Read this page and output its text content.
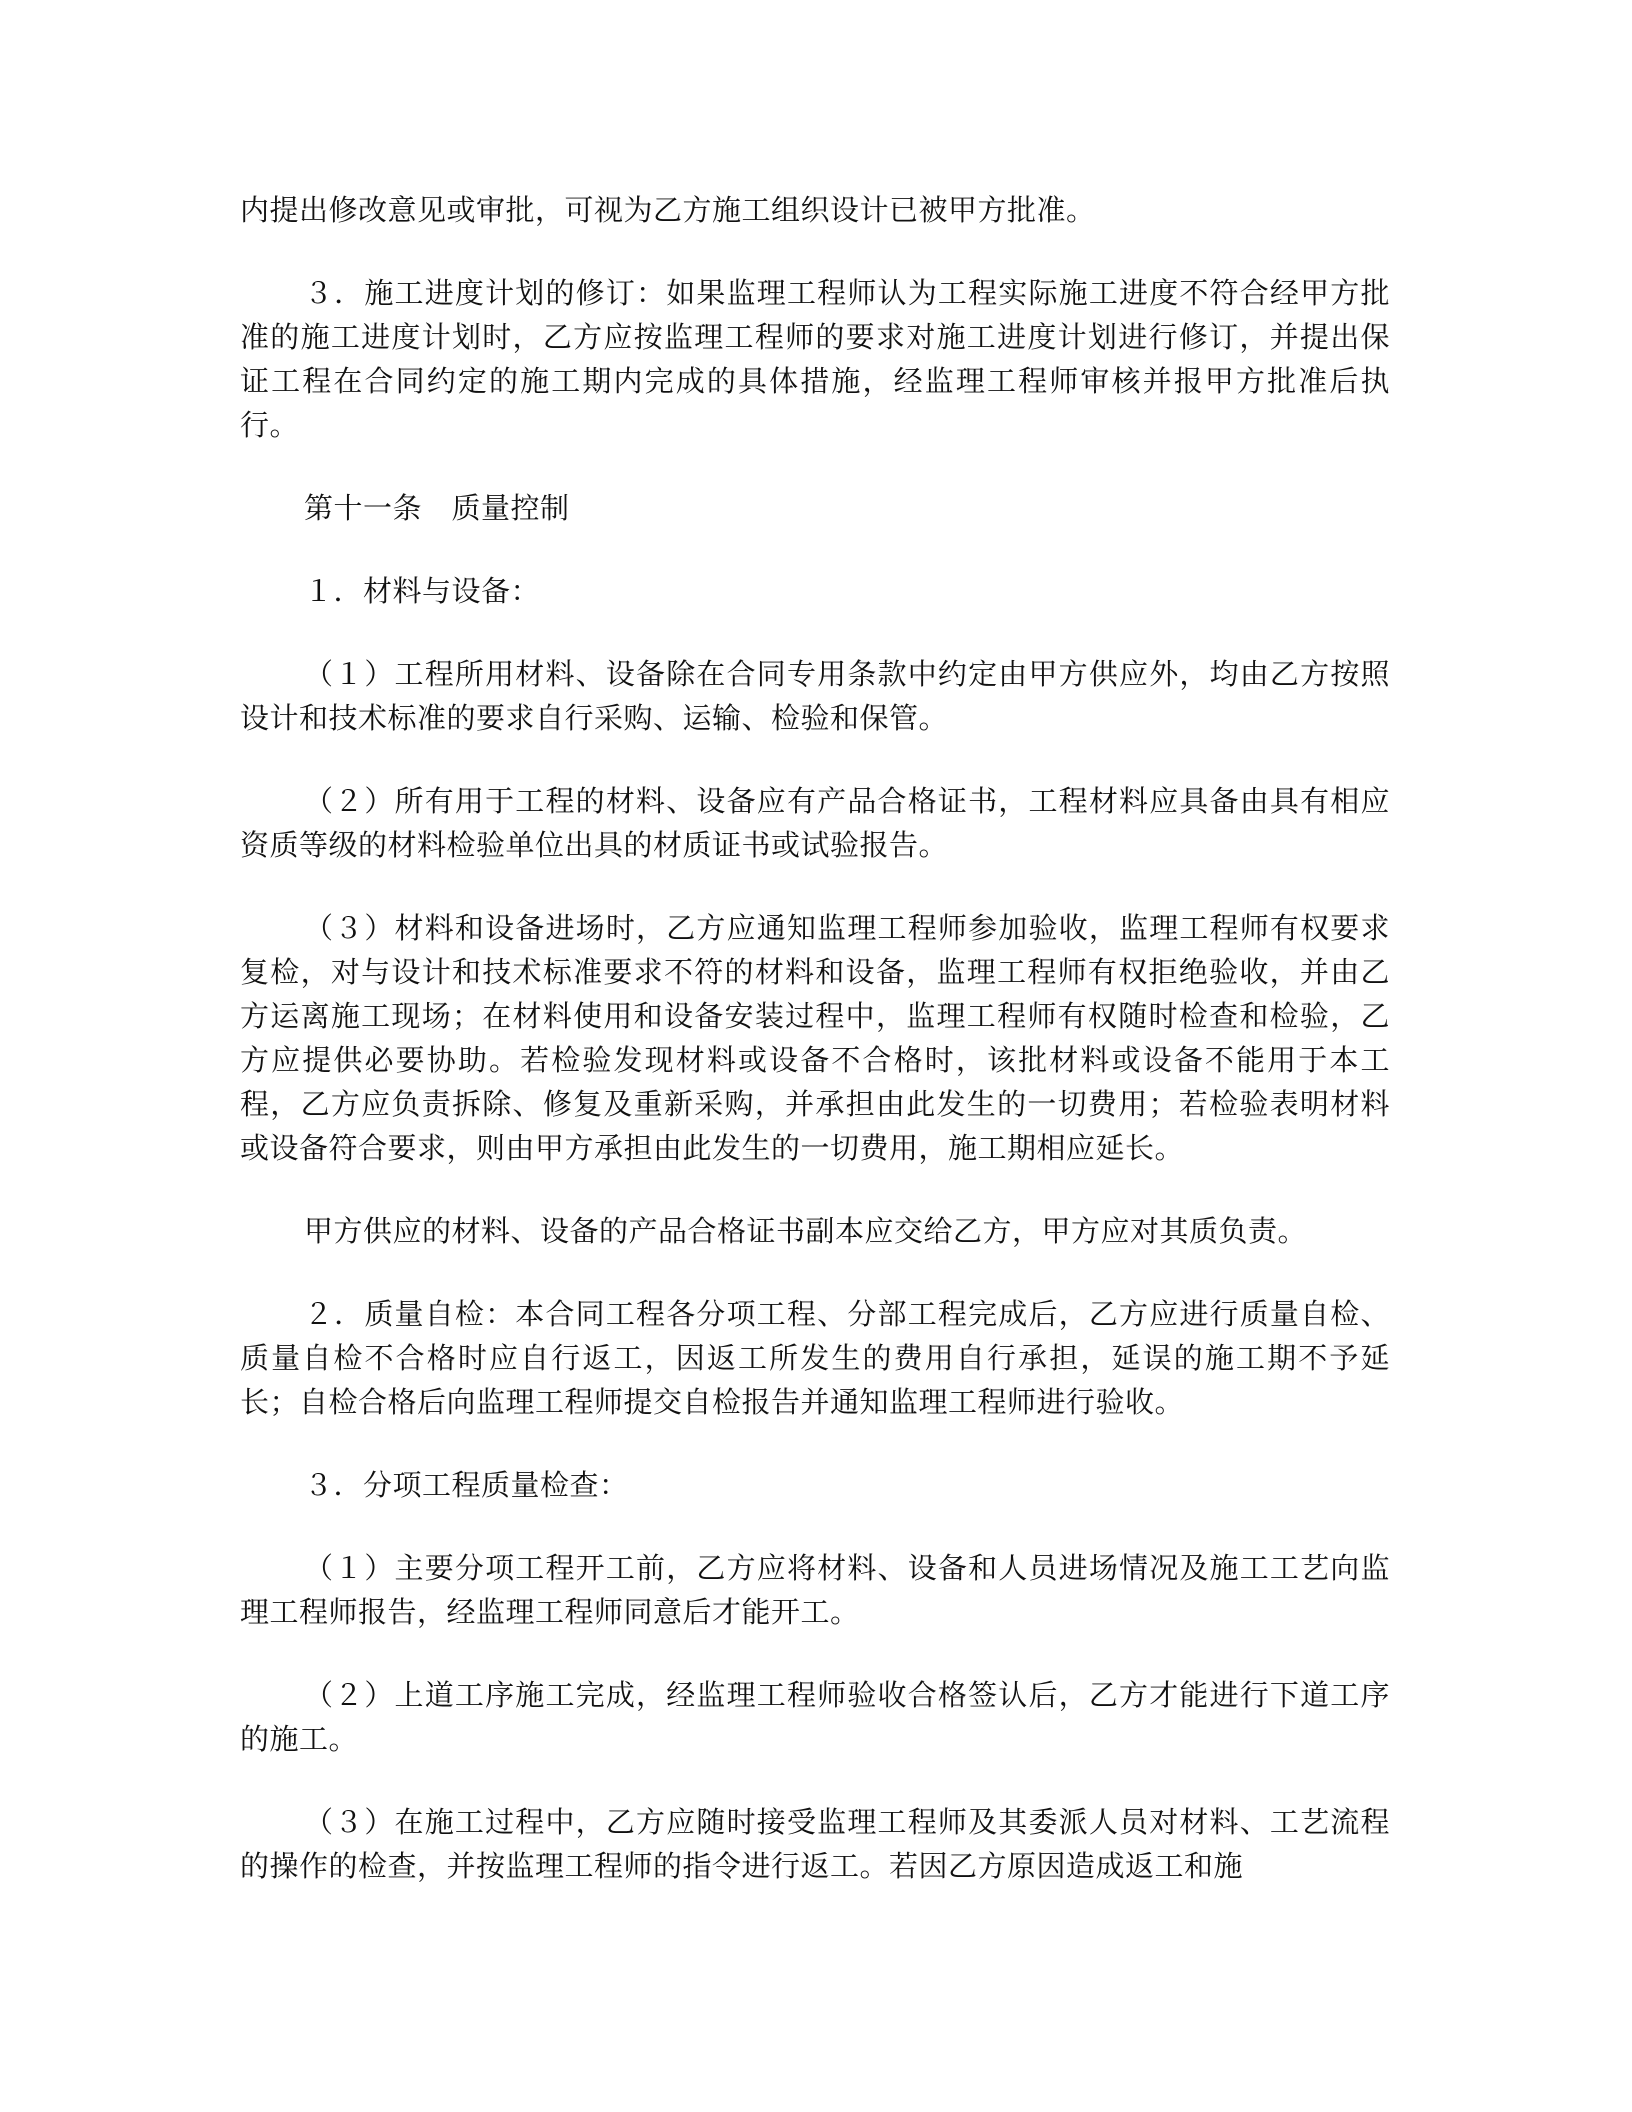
内提出修改意见或审批，可视为乙方施工组织设计已被甲方批准。

３．施工进度计划的修订：如果监理工程师认为工程实际施工进度不符合经甲方批准的施工进度计划时，乙方应按监理工程师的要求对施工进度计划进行修订，并提出保证工程在合同约定的施工期内完成的具体措施，经监理工程师审核并报甲方批准后执行。

第十一条　质量控制

１．材料与设备：

（１）工程所用材料、设备除在合同专用条款中约定由甲方供应外，均由乙方按照设计和技术标准的要求自行采购、运输、检验和保管。

（２）所有用于工程的材料、设备应有产品合格证书，工程材料应具备由具有相应资质等级的材料检验单位出具的材质证书或试验报告。

（３）材料和设备进场时，乙方应通知监理工程师参加验收，监理工程师有权要求复检，对与设计和技术标准要求不符的材料和设备，监理工程师有权拒绝验收，并由乙方运离施工现场；在材料使用和设备安装过程中，监理工程师有权随时检查和检验，乙方应提供必要协助。若检验发现材料或设备不合格时，该批材料或设备不能用于本工程，乙方应负责拆除、修复及重新采购，并承担由此发生的一切费用；若检验表明材料或设备符合要求，则由甲方承担由此发生的一切费用，施工期相应延长。

甲方供应的材料、设备的产品合格证书副本应交给乙方，甲方应对其质负责。

２．质量自检：本合同工程各分项工程、分部工程完成后，乙方应进行质量自检、质量自检不合格时应自行返工，因返工所发生的费用自行承担，延误的施工期不予延长；自检合格后向监理工程师提交自检报告并通知监理工程师进行验收。

３．分项工程质量检查：

（１）主要分项工程开工前，乙方应将材料、设备和人员进场情况及施工工艺向监理工程师报告，经监理工程师同意后才能开工。

（２）上道工序施工完成，经监理工程师验收合格签认后，乙方才能进行下道工序的施工。

（３）在施工过程中，乙方应随时接受监理工程师及其委派人员对材料、工艺流程的操作的检查，并按监理工程师的指令进行返工。若因乙方原因造成返工和施
